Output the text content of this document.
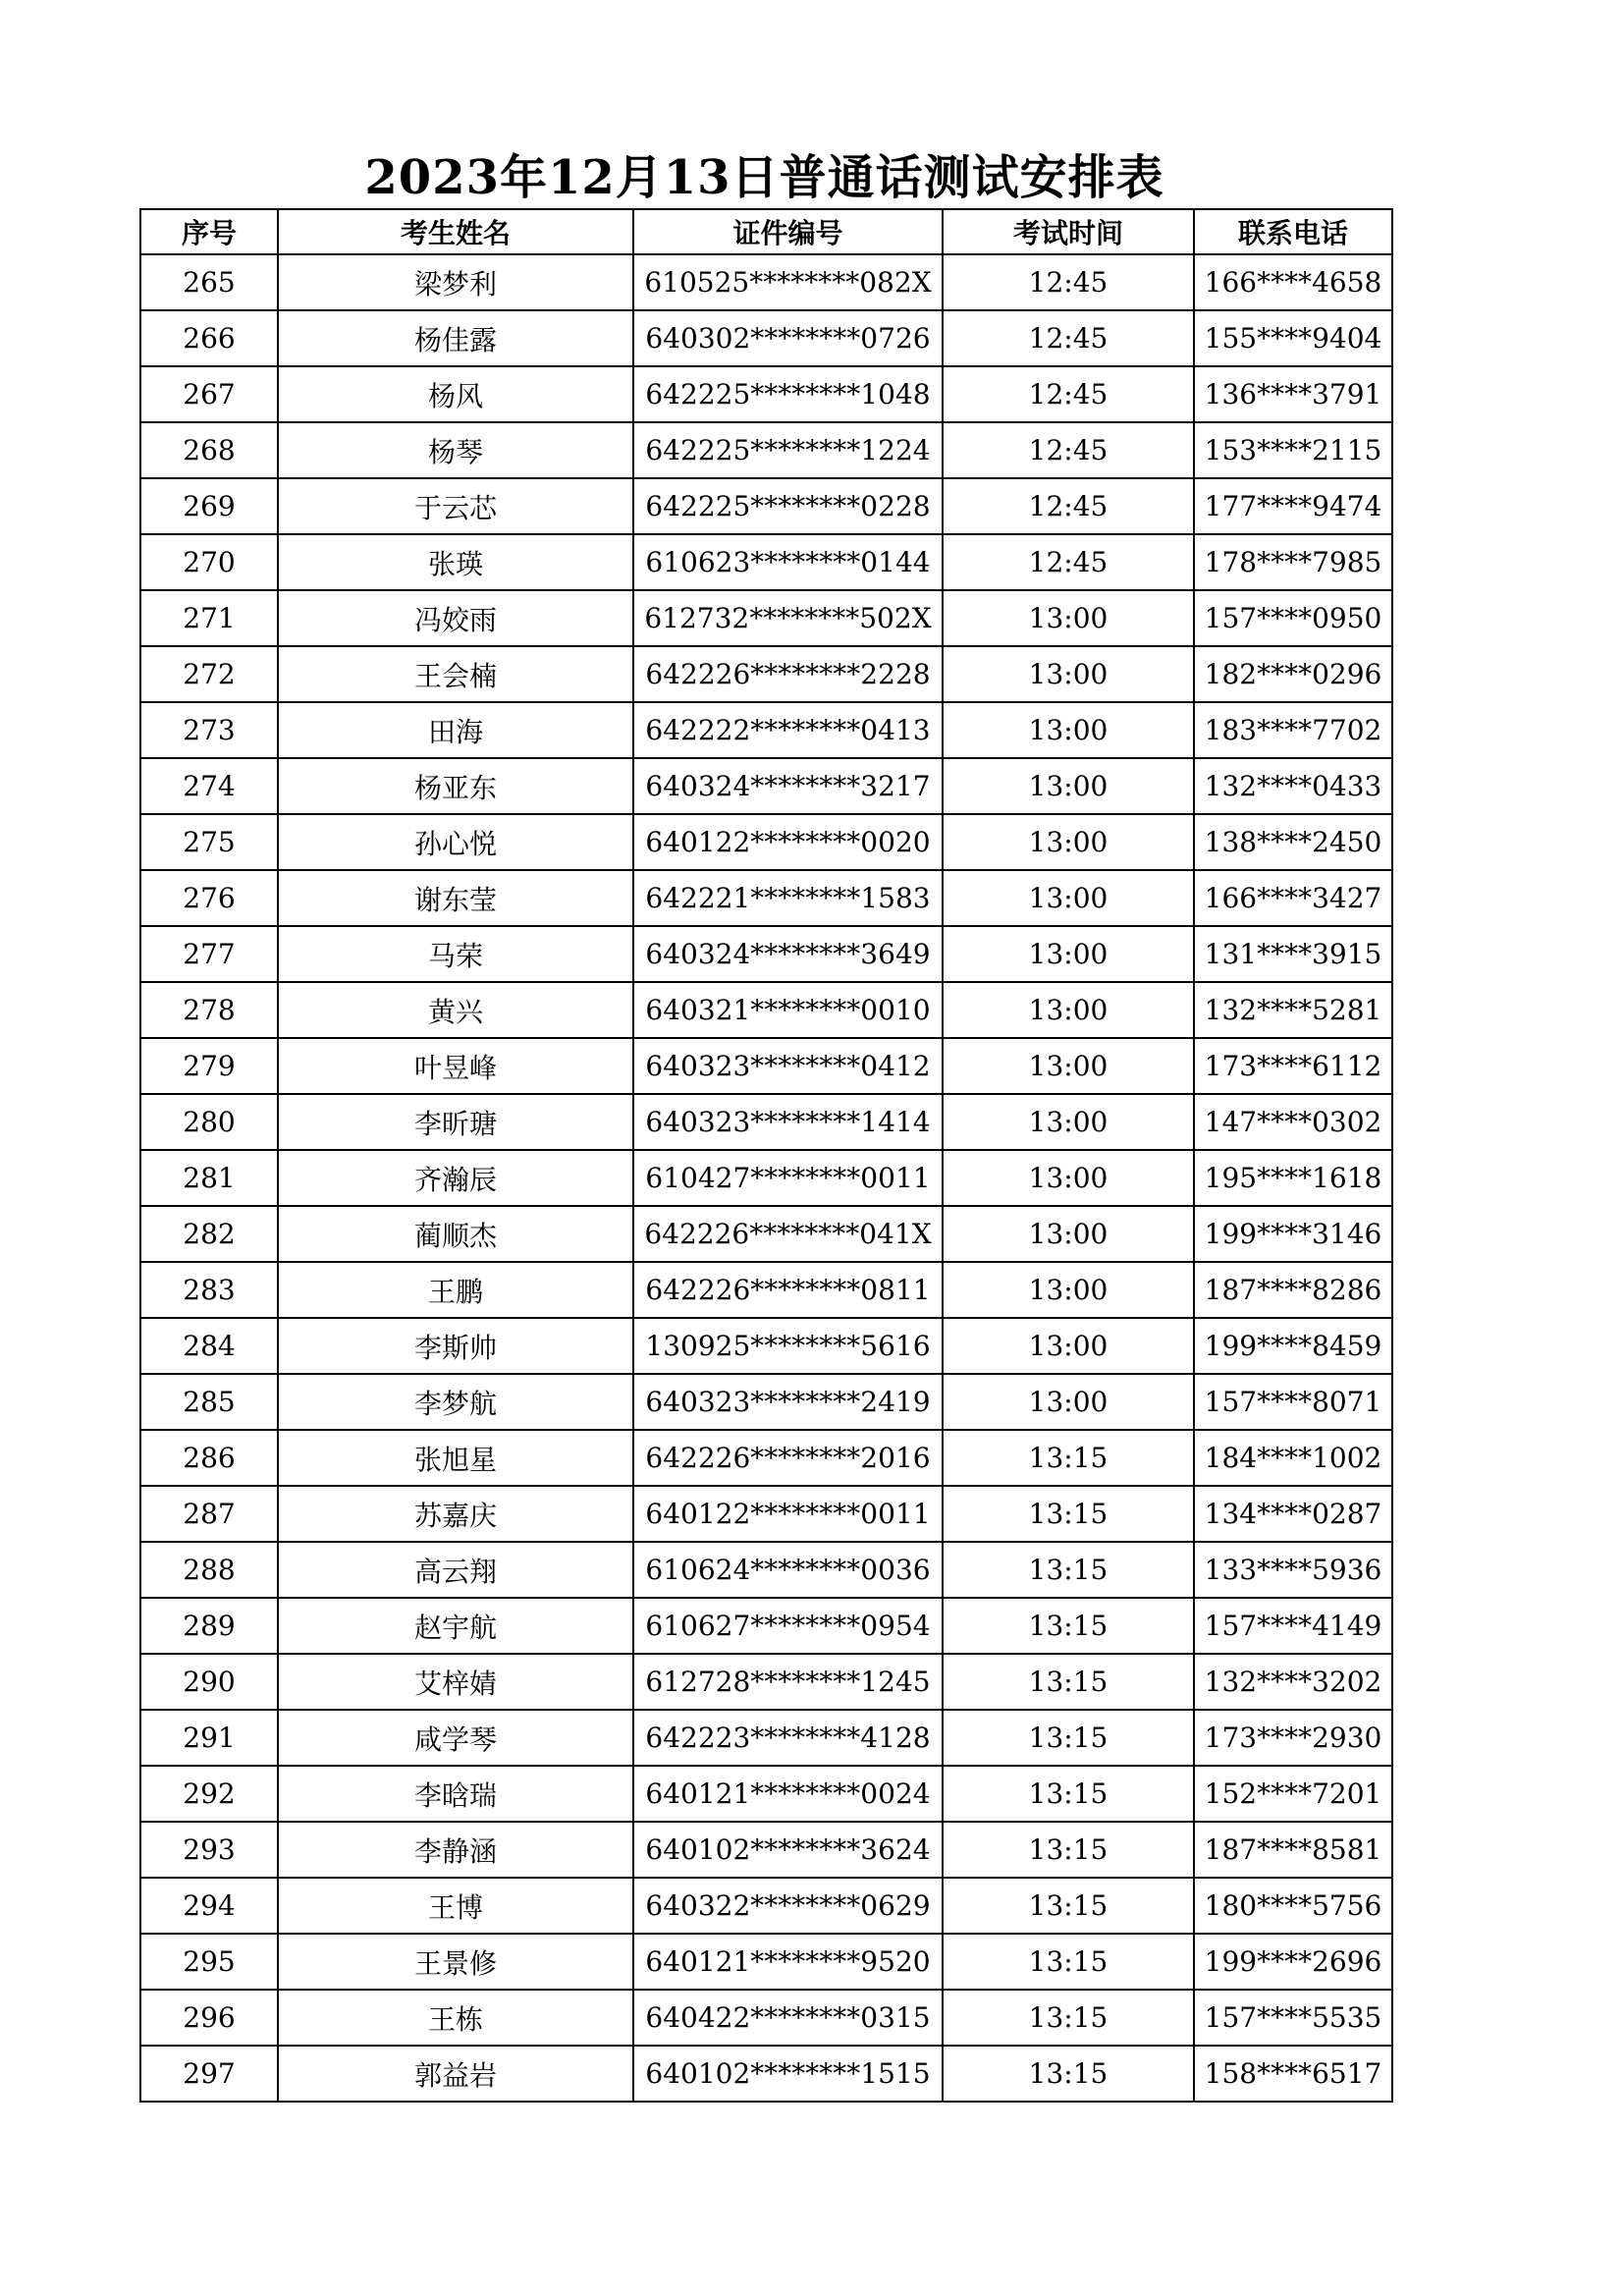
2023年12月13日普通话测试安排表
序号	考生姓名	证件编号	考试时间	联系电话
265	梁梦利	610525********082X	12:45	166****4658
266	杨佳露	640302********0726	12:45	155****9404
267	杨风	642225********1048	12:45	136****3791
268	杨琴	642225********1224	12:45	153****2115
269	于云芯	642225********0228	12:45	177****9474
270	张瑛	610623********0144	12:45	178****7985
271	冯姣雨	612732********502X	13:00	157****0950
272	王会楠	642226********2228	13:00	182****0296
273	田海	642222********0413	13:00	183****7702
274	杨亚东	640324********3217	13:00	132****0433
275	孙心悦	640122********0020	13:00	138****2450
276	谢东莹	642221********1583	13:00	166****3427
277	马荣	640324********3649	13:00	131****3915
278	黄兴	640321********0010	13:00	132****5281
279	叶昱峰	640323********0412	13:00	173****6112
280	李昕瑭	640323********1414	13:00	147****0302
281	齐瀚辰	610427********0011	13:00	195****1618
282	蔺顺杰	642226********041X	13:00	199****3146
283	王鹏	642226********0811	13:00	187****8286
284	李斯帅	130925********5616	13:00	199****8459
285	李梦航	640323********2419	13:00	157****8071
286	张旭星	642226********2016	13:15	184****1002
287	苏嘉庆	640122********0011	13:15	134****0287
288	高云翔	610624********0036	13:15	133****5936
289	赵宇航	610627********0954	13:15	157****4149
290	艾梓婧	612728********1245	13:15	132****3202
291	咸学琴	642223********4128	13:15	173****2930
292	李晗瑞	640121********0024	13:15	152****7201
293	李静涵	640102********3624	13:15	187****8581
294	王博	640322********0629	13:15	180****5756
295	王景修	640121********9520	13:15	199****2696
296	王栋	640422********0315	13:15	157****5535
297	郭益岩	640102********1515	13:15	158****6517
